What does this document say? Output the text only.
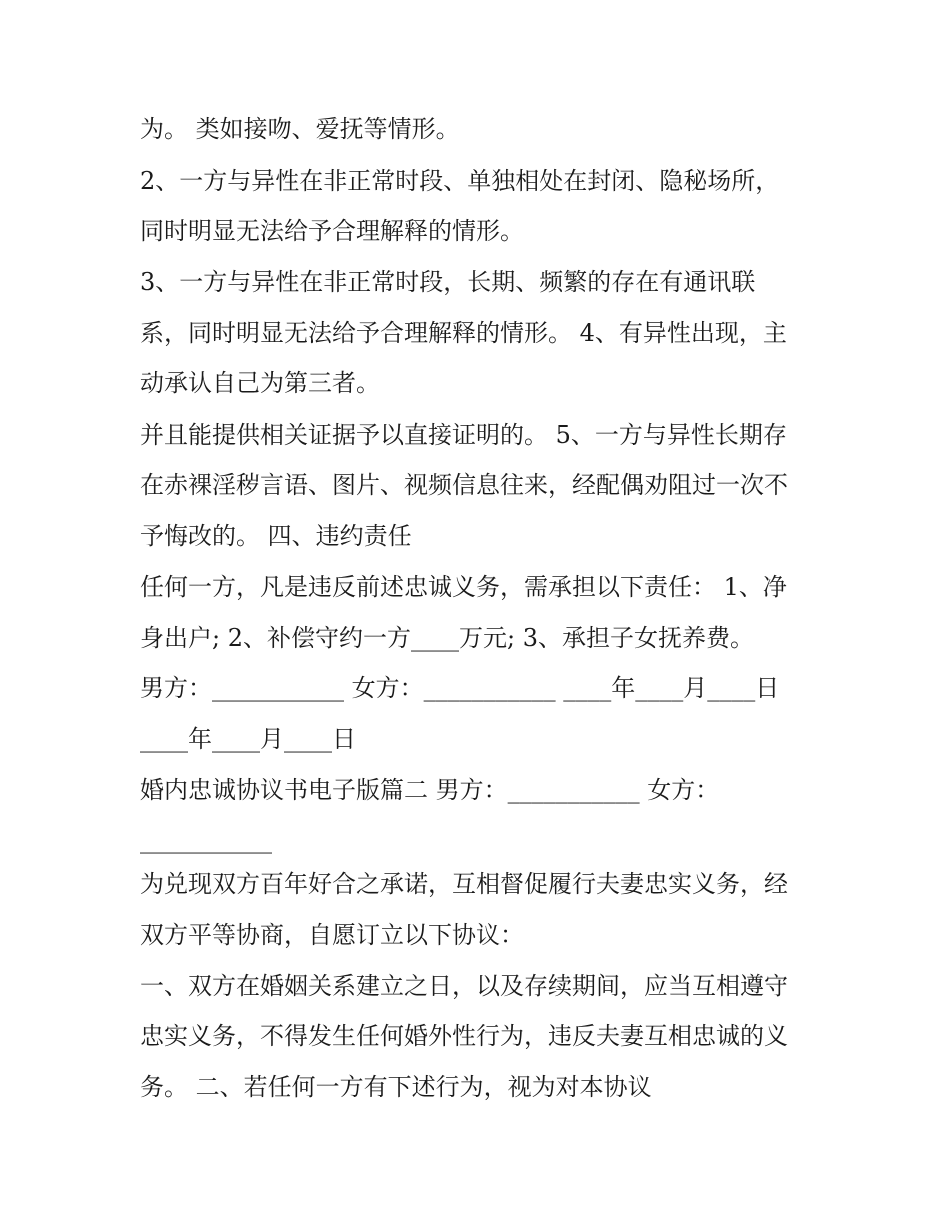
为。 类如接吻、爱抚等情形。
2、一方与异性在非正常时段、单独相处在封闭、隐秘场所，
同时明显无法给予合理解释的情形。
3、一方与异性在非正常时段，长期、频繁的存在有通讯联
系，同时明显无法给予合理解释的情形。 4、有异性出现，主
动承认自己为第三者。
并且能提供相关证据予以直接证明的。 5、一方与异性长期存
在赤裸淫秽言语、图片、视频信息往来，经配偶劝阻过一次不
予悔改的。 四、违约责任
任何一方，凡是违反前述忠诚义务，需承担以下责任： 1、净
身出户; 2、补偿守约一方____万元; 3、承担子女抚养费。
男方：___________ 女方：___________ ____年____月____日
____年____月____日
婚内忠诚协议书电子版篇二 男方：___________ 女方：
___________
为兑现双方百年好合之承诺，互相督促履行夫妻忠实义务，经
双方平等协商，自愿订立以下协议：
一、双方在婚姻关系建立之日，以及存续期间，应当互相遵守
忠实义务，不得发生任何婚外性行为，违反夫妻互相忠诚的义
务。 二、若任何一方有下述行为，视为对本协议
